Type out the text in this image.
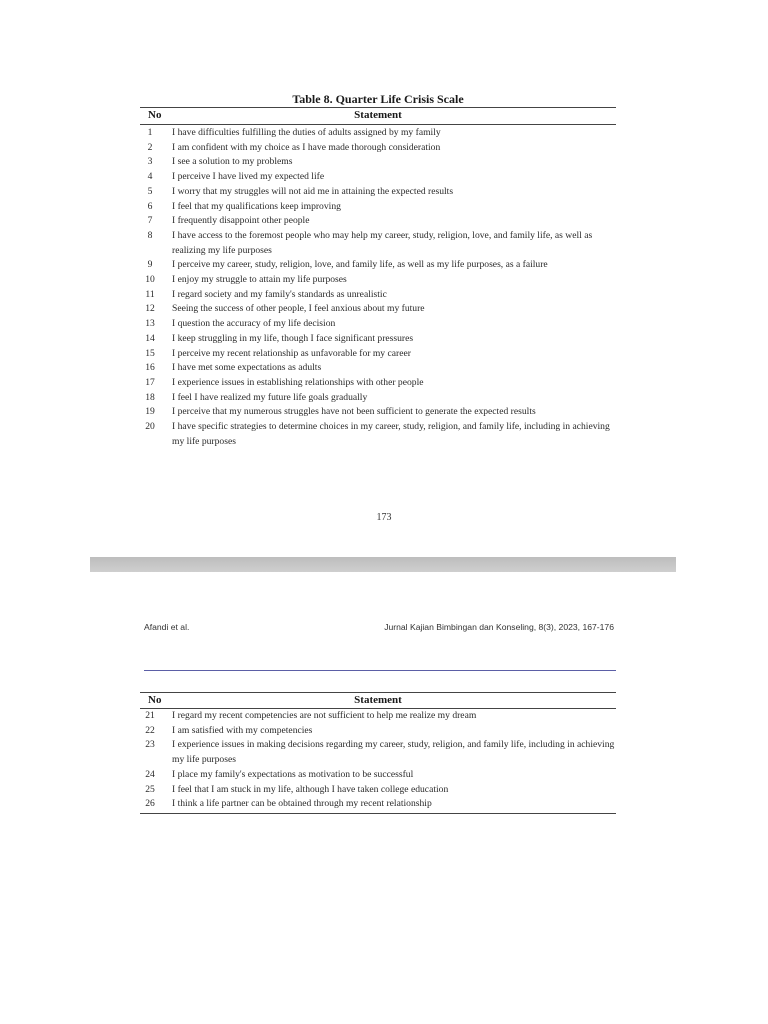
Table 8. Quarter Life Crisis Scale
No	Statement
1	I have difficulties fulfilling the duties of adults assigned by my family
2	I am confident with my choice as I have made thorough consideration
3	I see a solution to my problems
4	I perceive I have lived my expected life
5	I worry that my struggles will not aid me in attaining the expected results
6	I feel that my qualifications keep improving
7	I frequently disappoint other people
8	I have access to the foremost people who may help my career, study, religion, love, and family life, as well as realizing my life purposes
9	I perceive my career, study, religion, love, and family life, as well as my life purposes, as a failure
10	I enjoy my struggle to attain my life purposes
11	I regard society and my family's standards as unrealistic
12	Seeing the success of other people, I feel anxious about my future
13	I question the accuracy of my life decision
14	I keep struggling in my life, though I face significant pressures
15	I perceive my recent relationship as unfavorable for my career
16	I have met some expectations as adults
17	I experience issues in establishing relationships with other people
18	I feel I have realized my future life goals gradually
19	I perceive that my numerous struggles have not been sufficient to generate the expected results
20	I have specific strategies to determine choices in my career, study, religion, and family life, including in achieving my life purposes
173
Afandi et al.	Jurnal Kajian Bimbingan dan Konseling, 8(3), 2023, 167-176
No	Statement
21	I regard my recent competencies are not sufficient to help me realize my dream
22	I am satisfied with my competencies
23	I experience issues in making decisions regarding my career, study, religion, and family life, including in achieving my life purposes
24	I place my family's expectations as motivation to be successful
25	I feel that I am stuck in my life, although I have taken college education
26	I think a life partner can be obtained through my recent relationship
